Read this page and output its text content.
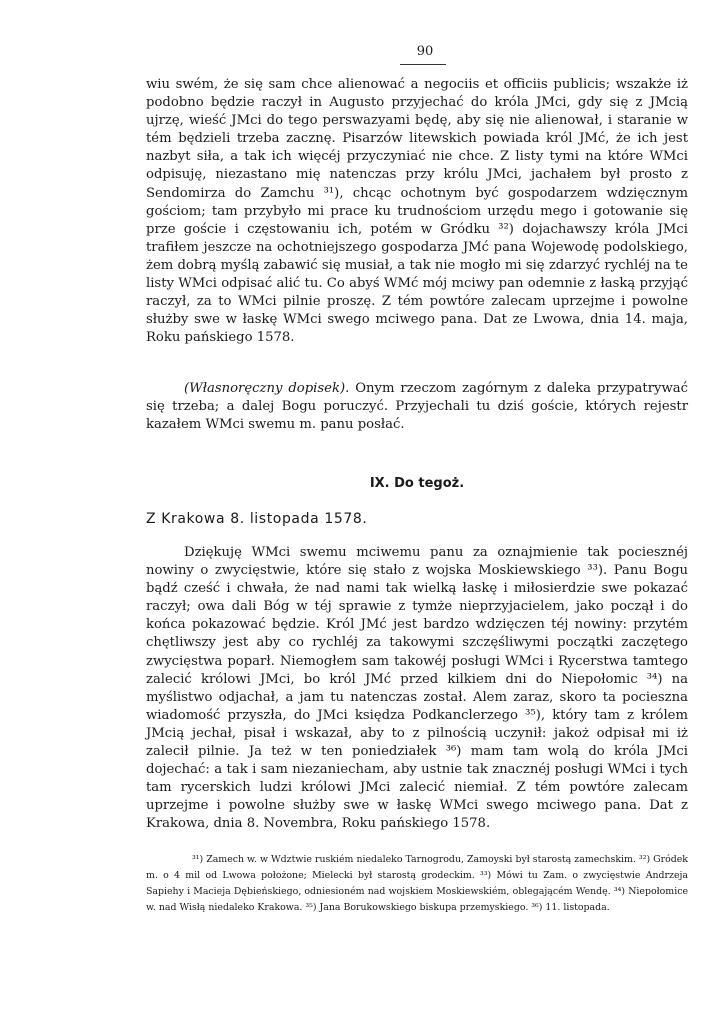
90

wiu swém, że się sam chce alienować a negociis et officiis publicis; wszakże iż podobno będzie raczył in Augusto przyjechać do króla JMci, gdy się z JMcią ujrzę, wieść JMci do tego perswazyami będę, aby się nie alienował, i staranie w tém będzieli trzeba zacznę. Pisarzów litewskich powiada król JMć, że ich jest nazbyt siła, a tak ich więcéj przyczyniać nie chce. Z listy tymi na które WMci odpisuję, niezastano mię natenczas przy królu JMci, jachałem był prosto z Sendomirza do Zamchu ³¹), chcąc ochotnym być gospodarzem wdzięcznym gościom; tam przybyło mi prace ku trudnościom urzędu mego i gotowanie się prze goście i częstowaniu ich, potém w Gródku ³²) dojachawszy króla JMci trafiłem jeszcze na ochotniejszego gospodarza JMć pana Wojewodę podolskiego, żem dobrą myślą zabawić się musiał, a tak nie mogło mi się zdarzyć rychléj na te listy WMci odpisać alić tu. Co abyś WMć mój mciwy pan odemnie z łaską przyjąć raczył, za to WMci pilnie proszę. Z tém powtóre zalecam uprzejme i powolne służby swe w łaskę WMci swego mciwego pana. Dat ze Lwowa, dnia 14. maja, Roku pańskiego 1578.

(Własnoręczny dopisek). Onym rzeczom zagórnym z daleka przypatrywać się trzeba; a dalej Bogu poruczyć. Przyjechali tu dziś goście, których rejestr kazałem WMci swemu m. panu posłać.

IX. Do tegoż.
Z Krakowa 8. listopada 1578.

Dziękuję WMci swemu mciwemu panu za oznajmienie tak pociesznéj nowiny o zwycięstwie, które się stało z wojska Moskiewskiego ³³). Panu Bogu bądź cześć i chwała, że nad nami tak wielką łaskę i miłosierdzie swe pokazać raczył; owa dali Bóg w téj sprawie z tymże nieprzyjacielem, jako począł i do końca pokazować będzie. Król JMć jest bardzo wdzięczen téj nowiny: przytém chętliwszy jest aby co rychléj za takowymi szczęśliwymi początki zaczętego zwycięstwa poparł. Niemogłem sam takowéj posługi WMci i Rycerstwa tamtego zalecić królowi JMci, bo król JMć przed kilkiem dni do Niepołomic ³⁴) na myślistwo odjachał, a jam tu natenczas został. Alem zaraz, skoro ta pocieszna wiadomość przyszła, do JMci księdza Podkanclerzego ³⁵), który tam z królem JMcią jechał, pisał i wskazał, aby to z pilnością uczynił: jakoż odpisał mi iż zalecił pilnie. Ja też w ten poniedziałek ³⁶) mam tam wolą do króla JMci dojechać: a tak i sam niezaniecham, aby ustnie tak znacznéj posługi WMci i tych tam rycerskich ludzi królowi JMci zalecić niemiał. Z tém powtóre zalecam uprzejme i powolne służby swe w łaskę WMci swego mciwego pana. Dat z Krakowa, dnia 8. Novembra, Roku pańskiego 1578.

³¹) Zamech w. w Wdztwie ruskiém niedaleko Tarnogrodu, Zamoyski był starostą zamechskim. ³²) Gródek m. o 4 mil od Lwowa położone; Mielecki był starostą grodeckim. ³³) Mówi tu Zam. o zwycięstwie Andrzeja Sapiehy i Macieja Dębieńskiego, odniesioném nad wojskiem Moskiewskiém, oblegającém Wendę. ³⁴) Niepołomice w. nad Wisłą niedaleko Krakowa. ³⁵) Jana Borukowskiego biskupa przemyskiego. ³⁶) 11. listopada.
